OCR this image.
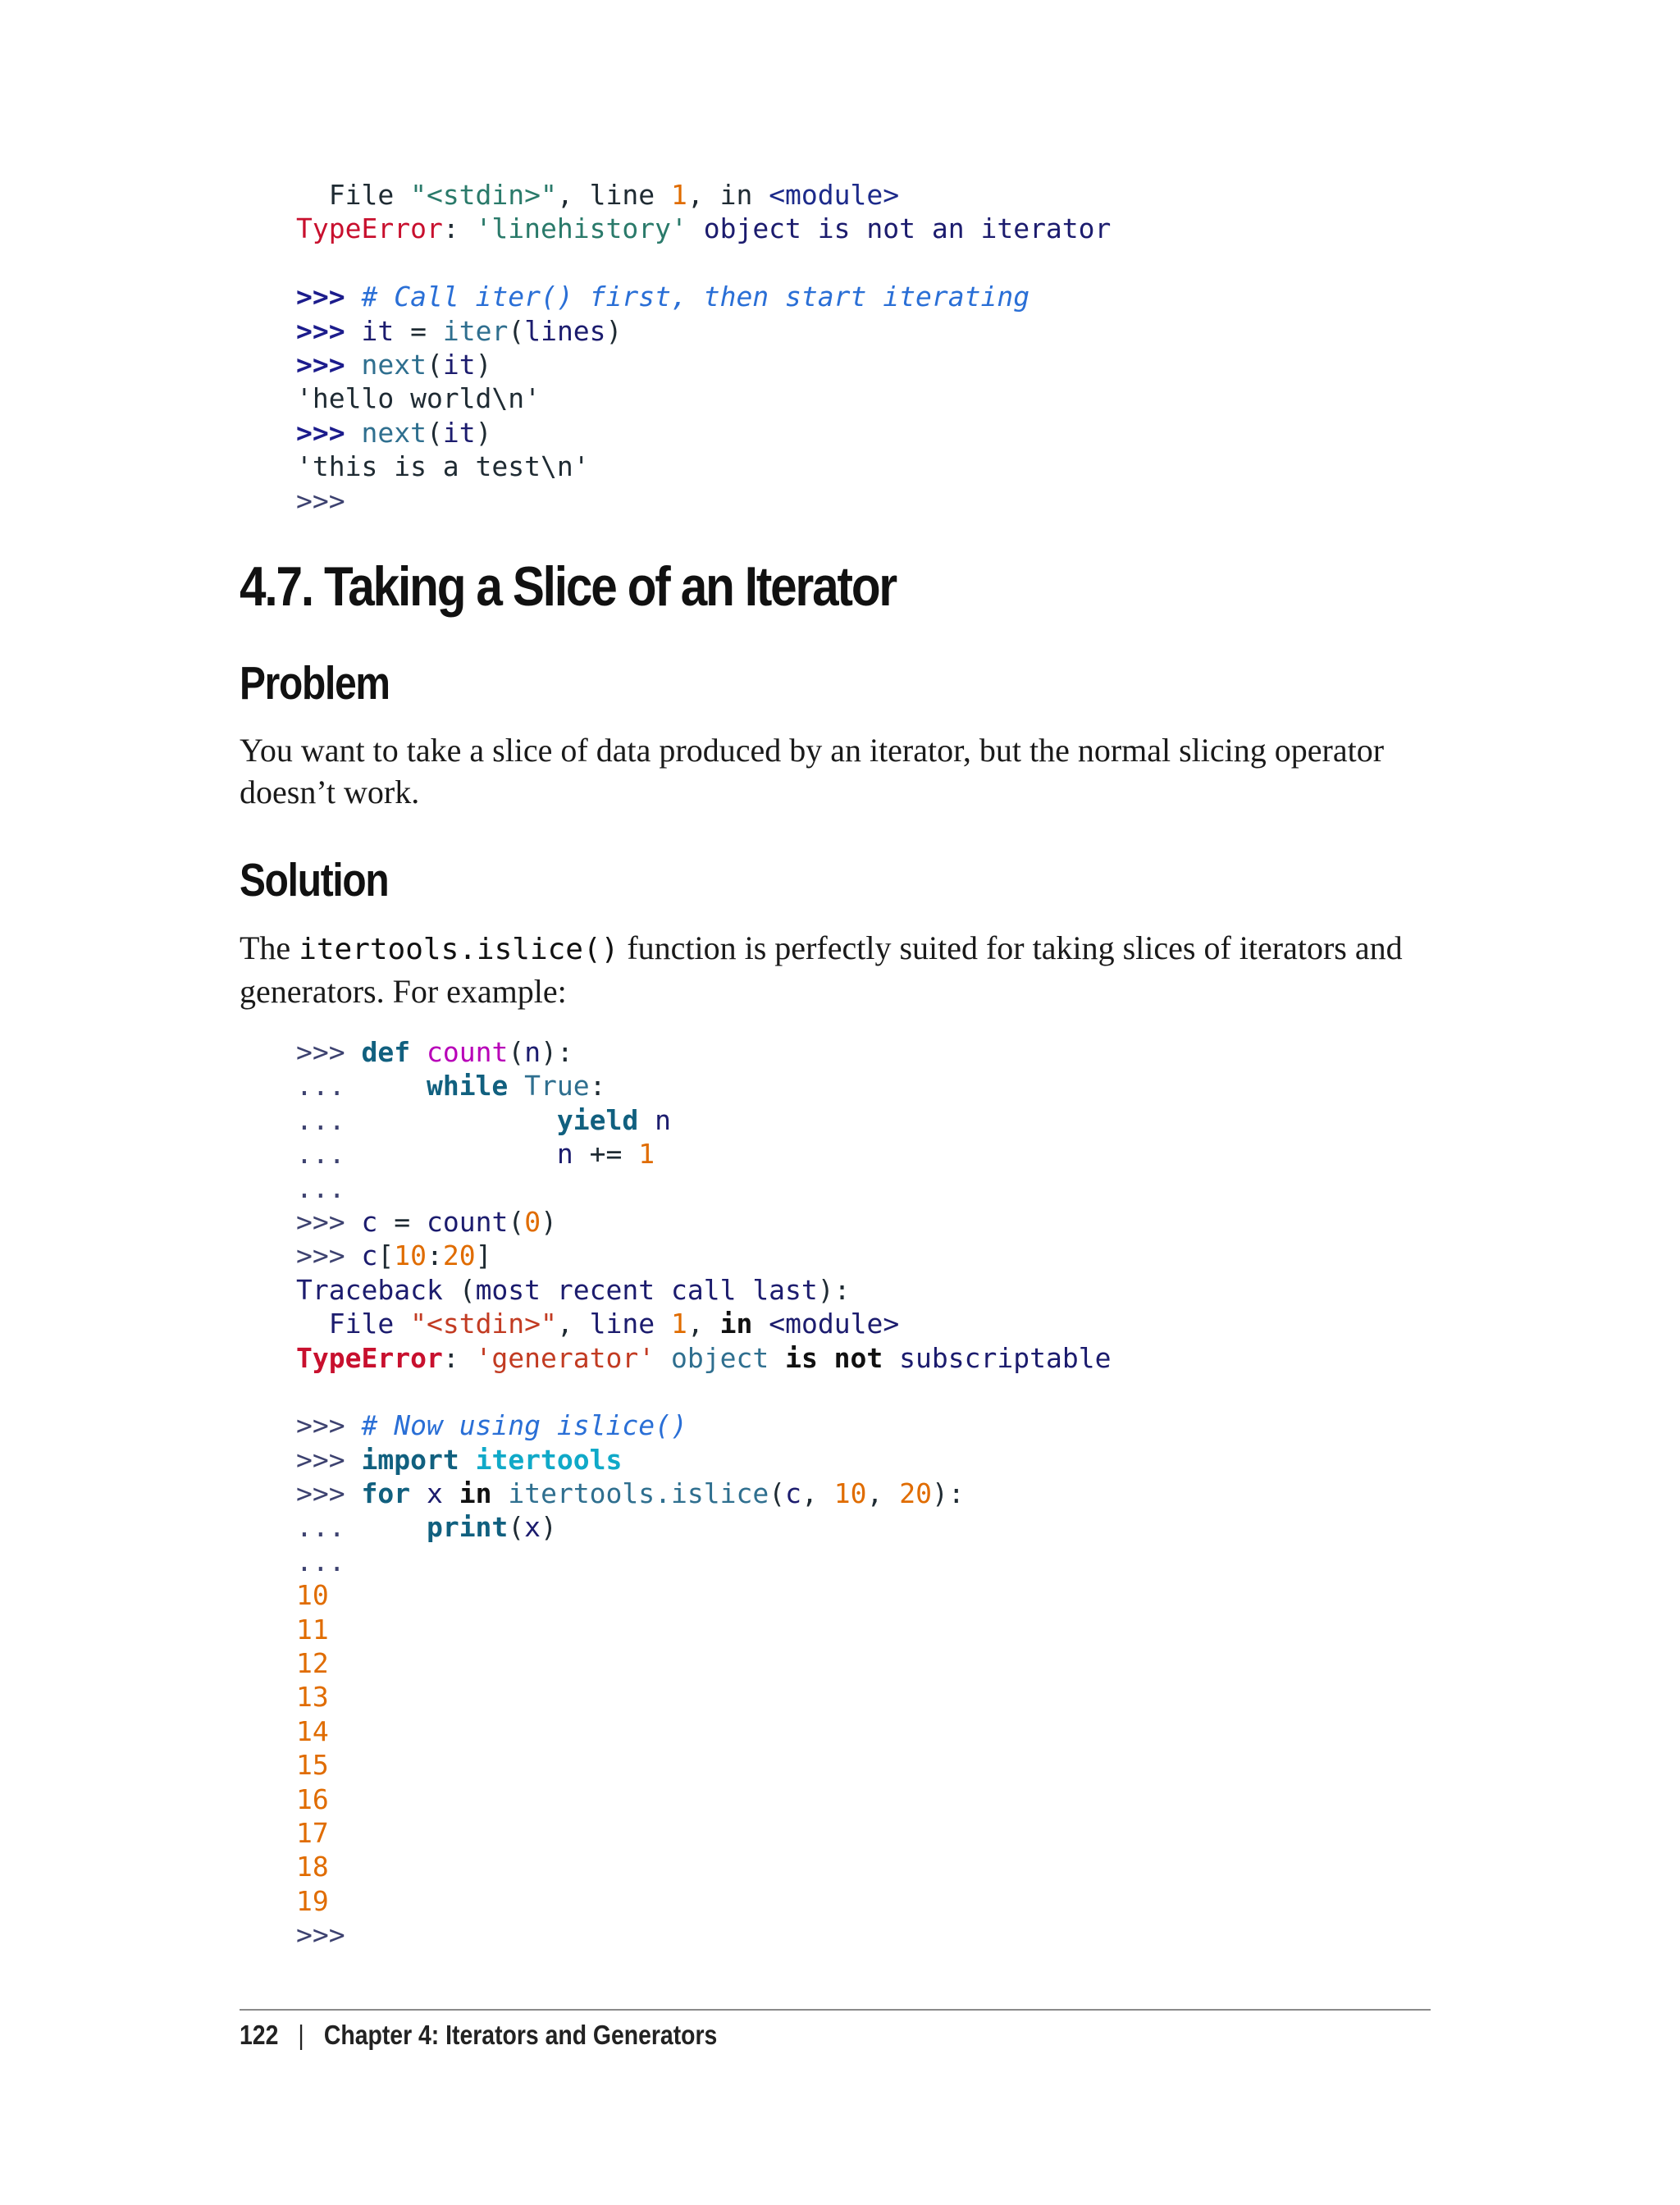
File "<stdin>", line 1, in <module>
TypeError: 'linehistory' object is not an iterator

>>> # Call iter() first, then start iterating
>>> it = iter(lines)
>>> next(it)
'hello world\n'
>>> next(it)
'this is a test\n'
>>>
4.7. Taking a Slice of an Iterator
Problem

You want to take a slice of data produced by an iterator, but the normal slicing operator doesn’t work.

Solution

The itertools.islice() function is perfectly suited for taking slices of iterators and generators. For example:

>>> def count(n):
...     while True:
...             yield n
...             n += 1
...
>>> c = count(0)
>>> c[10:20]
Traceback (most recent call last):
File "<stdin>", line 1, in <module>
TypeError: 'generator' object is not subscriptable

>>> # Now using islice()
>>> import itertools
>>> for x in itertools.islice(c, 10, 20):
...     print(x)
...
10
11
12
13
14
15
16
17
18
19
>>>
122 | Chapter 4: Iterators and Generators
